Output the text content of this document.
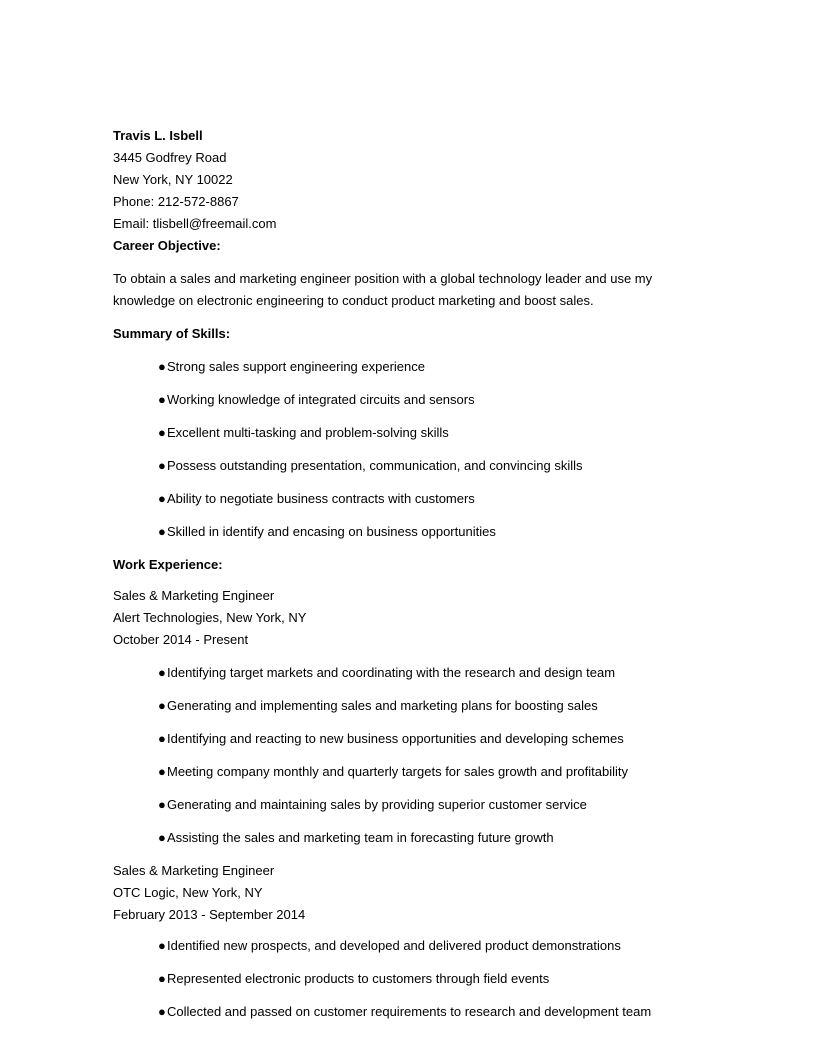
Travis L. Isbell
3445 Godfrey Road
New York, NY 10022
Phone: 212-572-8867
Email: tlisbell@freemail.com
Career Objective:
To obtain a sales and marketing engineer position with a global technology leader and use my
knowledge on electronic engineering to conduct product marketing and boost sales.
Summary of Skills:
●Strong sales support engineering experience
●Working knowledge of integrated circuits and sensors
●Excellent multi-tasking and problem-solving skills
●Possess outstanding presentation, communication, and convincing skills
●Ability to negotiate business contracts with customers
●Skilled in identify and encasing on business opportunities
Work Experience:
Sales & Marketing Engineer
Alert Technologies, New York, NY
October 2014 - Present
●Identifying target markets and coordinating with the research and design team
●Generating and implementing sales and marketing plans for boosting sales
●Identifying and reacting to new business opportunities and developing schemes
●Meeting company monthly and quarterly targets for sales growth and profitability
●Generating and maintaining sales by providing superior customer service
●Assisting the sales and marketing team in forecasting future growth
Sales & Marketing Engineer
OTC Logic, New York, NY
February 2013 - September 2014
●Identified new prospects, and developed and delivered product demonstrations
●Represented electronic products to customers through field events
●Collected and passed on customer requirements to research and development team
